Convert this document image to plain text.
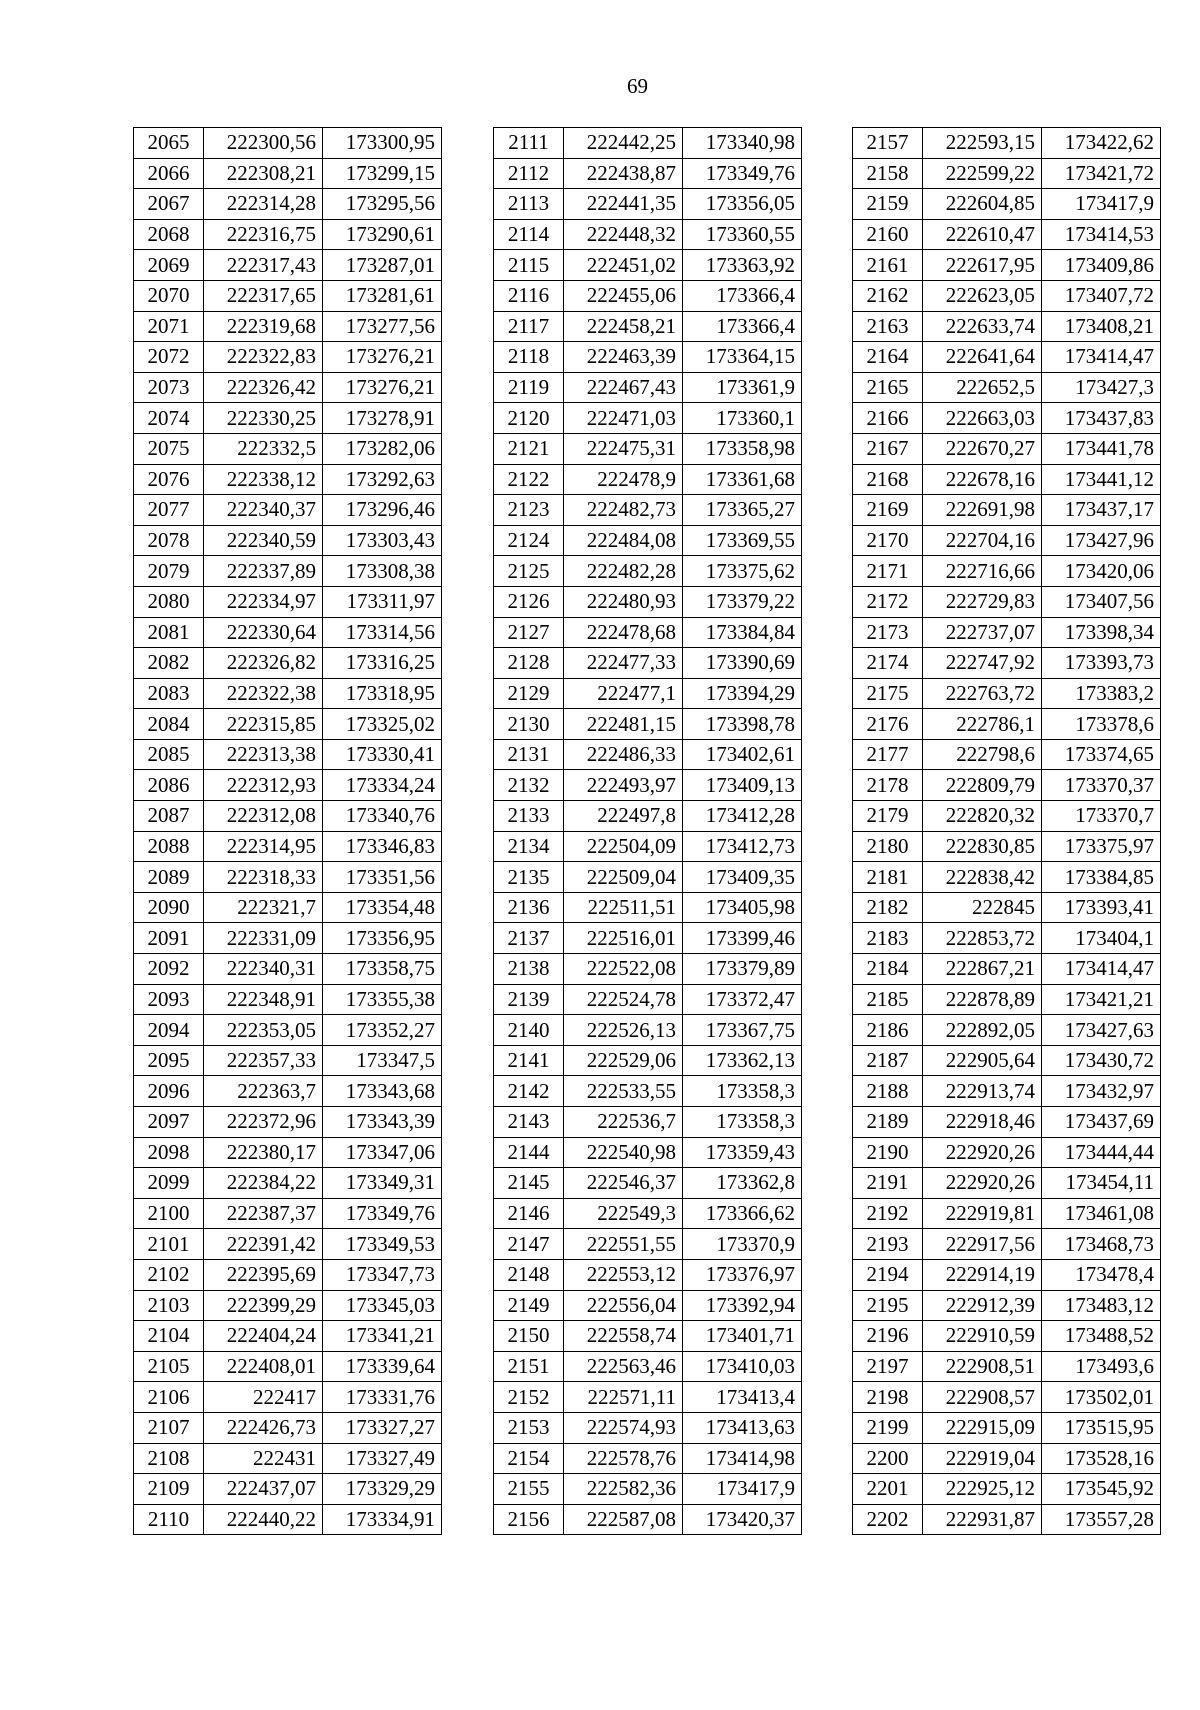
69
2065	222300,56	173300,95
2066	222308,21	173299,15
2067	222314,28	173295,56
2068	222316,75	173290,61
2069	222317,43	173287,01
2070	222317,65	173281,61
2071	222319,68	173277,56
2072	222322,83	173276,21
2073	222326,42	173276,21
2074	222330,25	173278,91
2075	222332,5	173282,06
2076	222338,12	173292,63
2077	222340,37	173296,46
2078	222340,59	173303,43
2079	222337,89	173308,38
2080	222334,97	173311,97
2081	222330,64	173314,56
2082	222326,82	173316,25
2083	222322,38	173318,95
2084	222315,85	173325,02
2085	222313,38	173330,41
2086	222312,93	173334,24
2087	222312,08	173340,76
2088	222314,95	173346,83
2089	222318,33	173351,56
2090	222321,7	173354,48
2091	222331,09	173356,95
2092	222340,31	173358,75
2093	222348,91	173355,38
2094	222353,05	173352,27
2095	222357,33	173347,5
2096	222363,7	173343,68
2097	222372,96	173343,39
2098	222380,17	173347,06
2099	222384,22	173349,31
2100	222387,37	173349,76
2101	222391,42	173349,53
2102	222395,69	173347,73
2103	222399,29	173345,03
2104	222404,24	173341,21
2105	222408,01	173339,64
2106	222417	173331,76
2107	222426,73	173327,27
2108	222431	173327,49
2109	222437,07	173329,29
2110	222440,22	173334,91
2111	222442,25	173340,98
2112	222438,87	173349,76
2113	222441,35	173356,05
2114	222448,32	173360,55
2115	222451,02	173363,92
2116	222455,06	173366,4
2117	222458,21	173366,4
2118	222463,39	173364,15
2119	222467,43	173361,9
2120	222471,03	173360,1
2121	222475,31	173358,98
2122	222478,9	173361,68
2123	222482,73	173365,27
2124	222484,08	173369,55
2125	222482,28	173375,62
2126	222480,93	173379,22
2127	222478,68	173384,84
2128	222477,33	173390,69
2129	222477,1	173394,29
2130	222481,15	173398,78
2131	222486,33	173402,61
2132	222493,97	173409,13
2133	222497,8	173412,28
2134	222504,09	173412,73
2135	222509,04	173409,35
2136	222511,51	173405,98
2137	222516,01	173399,46
2138	222522,08	173379,89
2139	222524,78	173372,47
2140	222526,13	173367,75
2141	222529,06	173362,13
2142	222533,55	173358,3
2143	222536,7	173358,3
2144	222540,98	173359,43
2145	222546,37	173362,8
2146	222549,3	173366,62
2147	222551,55	173370,9
2148	222553,12	173376,97
2149	222556,04	173392,94
2150	222558,74	173401,71
2151	222563,46	173410,03
2152	222571,11	173413,4
2153	222574,93	173413,63
2154	222578,76	173414,98
2155	222582,36	173417,9
2156	222587,08	173420,37
2157	222593,15	173422,62
2158	222599,22	173421,72
2159	222604,85	173417,9
2160	222610,47	173414,53
2161	222617,95	173409,86
2162	222623,05	173407,72
2163	222633,74	173408,21
2164	222641,64	173414,47
2165	222652,5	173427,3
2166	222663,03	173437,83
2167	222670,27	173441,78
2168	222678,16	173441,12
2169	222691,98	173437,17
2170	222704,16	173427,96
2171	222716,66	173420,06
2172	222729,83	173407,56
2173	222737,07	173398,34
2174	222747,92	173393,73
2175	222763,72	173383,2
2176	222786,1	173378,6
2177	222798,6	173374,65
2178	222809,79	173370,37
2179	222820,32	173370,7
2180	222830,85	173375,97
2181	222838,42	173384,85
2182	222845	173393,41
2183	222853,72	173404,1
2184	222867,21	173414,47
2185	222878,89	173421,21
2186	222892,05	173427,63
2187	222905,64	173430,72
2188	222913,74	173432,97
2189	222918,46	173437,69
2190	222920,26	173444,44
2191	222920,26	173454,11
2192	222919,81	173461,08
2193	222917,56	173468,73
2194	222914,19	173478,4
2195	222912,39	173483,12
2196	222910,59	173488,52
2197	222908,51	173493,6
2198	222908,57	173502,01
2199	222915,09	173515,95
2200	222919,04	173528,16
2201	222925,12	173545,92
2202	222931,87	173557,28
